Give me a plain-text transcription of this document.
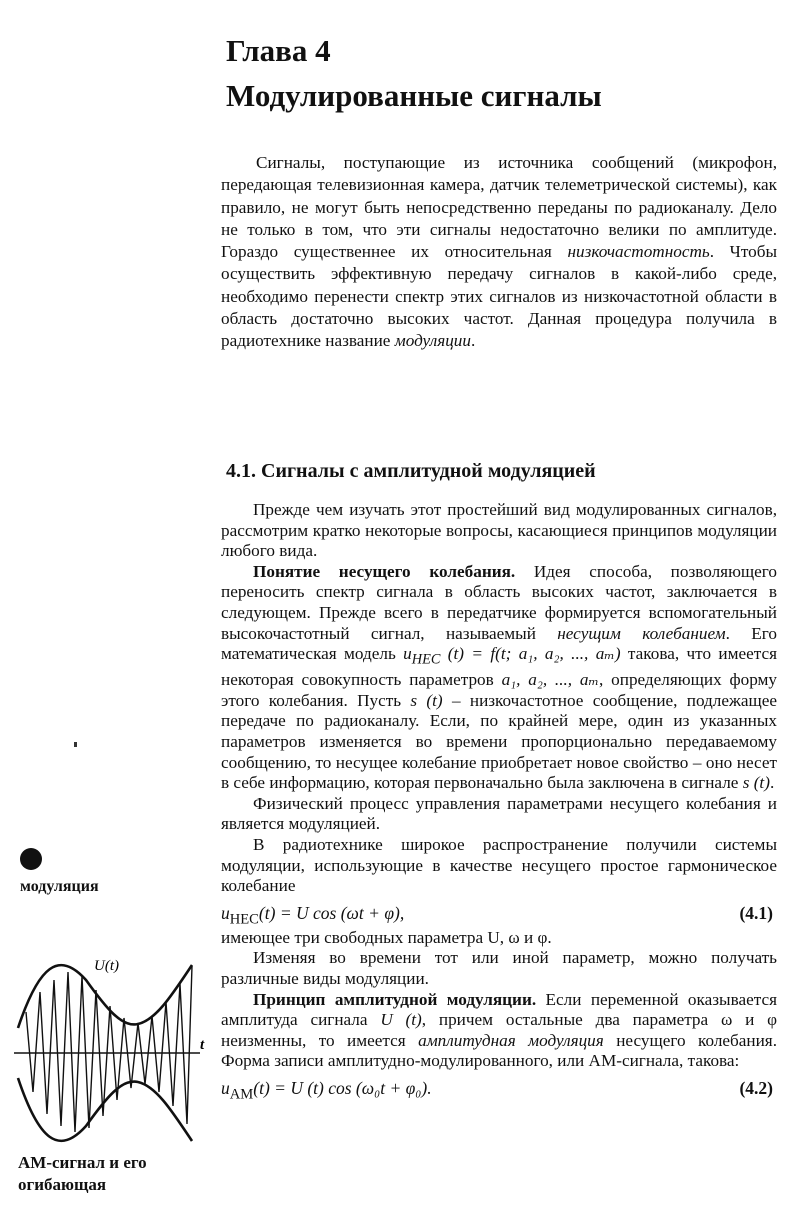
Глава 4
Модулированные сигналы

Сигналы, поступающие из источника сообщений (микрофон, передающая телевизионная камера, датчик телеметрической системы), как правило, не могут быть непосредственно переданы по радиоканалу. Дело не только в том, что эти сигналы недостаточно велики по амплитуде. Гораздо существеннее их относительная низкочастотность. Чтобы осуществить эффективную передачу сигналов в какой-либо среде, необходимо перенести спектр этих сигналов из низкочастотной области в область достаточно высоких частот. Данная процедура получила в радиотехнике название модуляции.

4.1. Сигналы с амплитудной модуляцией

Прежде чем изучать этот простейший вид модулированных сигналов, рассмотрим кратко некоторые вопросы, касающиеся принципов модуляции любого вида.

Понятие несущего колебания. Идея способа, позволяющего переносить спектр сигнала в область высоких частот, заключается в следующем. Прежде всего в передатчике формируется вспомогательный высокочастотный сигнал, называемый несущим колебанием. Его математическая модель $u_{НЕС}$ (t) = f(t; a₁, a₂, ..., aₘ) такова, что имеется некоторая совокупность параметров a₁, a₂, ..., aₘ, определяющих форму этого колебания. Пусть s (t) – низкочастотное сообщение, подлежащее передаче по радиоканалу. Если, по крайней мере, один из указанных параметров изменяется во времени пропорционально передаваемому сообщению, то несущее колебание приобретает новое свойство – оно несет в себе информацию, которая первоначально была заключена в сигнале s (t).

Физический процесс управления параметрами несущего колебания и является модуляцией.

В радиотехнике широкое распространение получили системы модуляции, использующие в качестве несущего простое гармоническое колебание

$u_{НЕС}(t) = U$ cos (ωt + φ),	(4.1)

имеющее три свободных параметра U, ω и φ.

Изменяя во времени тот или иной параметр, можно получать различные виды модуляции.

Принцип амплитудной модуляции. Если переменной оказывается амплитуда сигнала U (t), причем остальные два параметра ω и φ неизменны, то имеется амплитудная модуляция несущего колебания. Форма записи амплитудно-модулированного, или АМ-сигнала, такова:

$u_{АМ}(t) = U$ (t) cos (ω₀t + φ₀).	(4.2)
модуляция
t
U(t)
АМ-сигнал и его
огибающая
